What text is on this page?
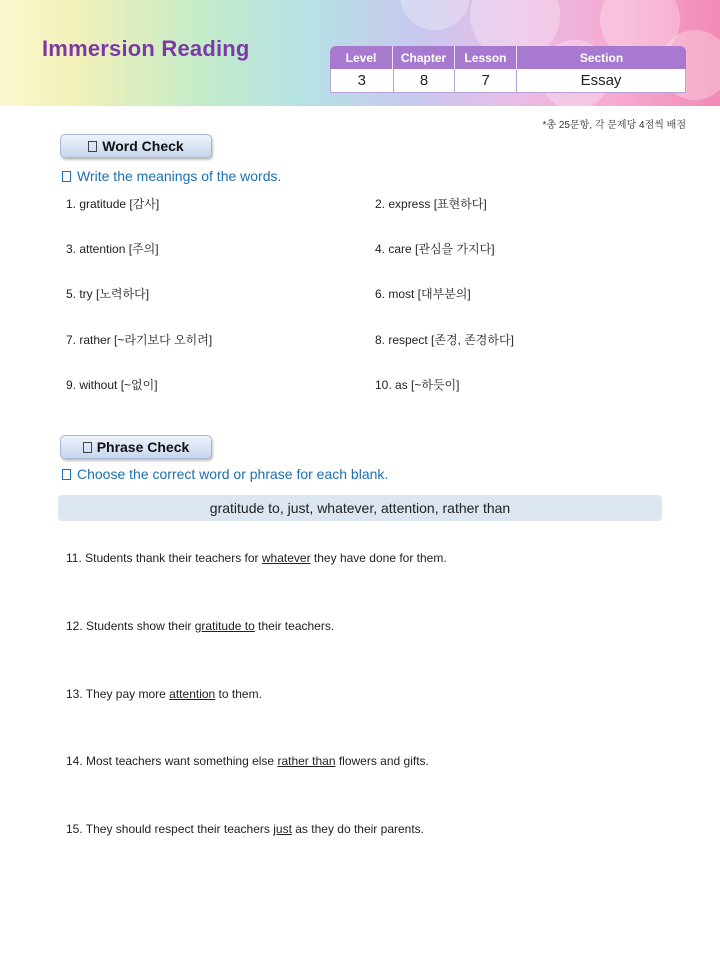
Immersion Reading	Level	Chapter	Lesson	Section
3	8	7	Essay
*총 25문항, 각 문제당 4점씩 배점
Word Check
Write the meanings of the words.
1. gratitude [감사]	2. express [표현하다]
3. attention [주의]	4. care [관심을 가지다]
5. try [노력하다]	6. most [대부분의]
7. rather [~라기보다 오히려]	8. respect [존경, 존경하다]
9. without [~없이]	10. as [~하듯이]
Phrase Check
Choose the correct word or phrase for each blank.
gratitude to, just, whatever, attention, rather than
11. Students thank their teachers for whatever they have done for them.
12. Students show their gratitude to their teachers.
13. They pay more attention to them.
14. Most teachers want something else rather than flowers and gifts.
15. They should respect their teachers just as they do their parents.
